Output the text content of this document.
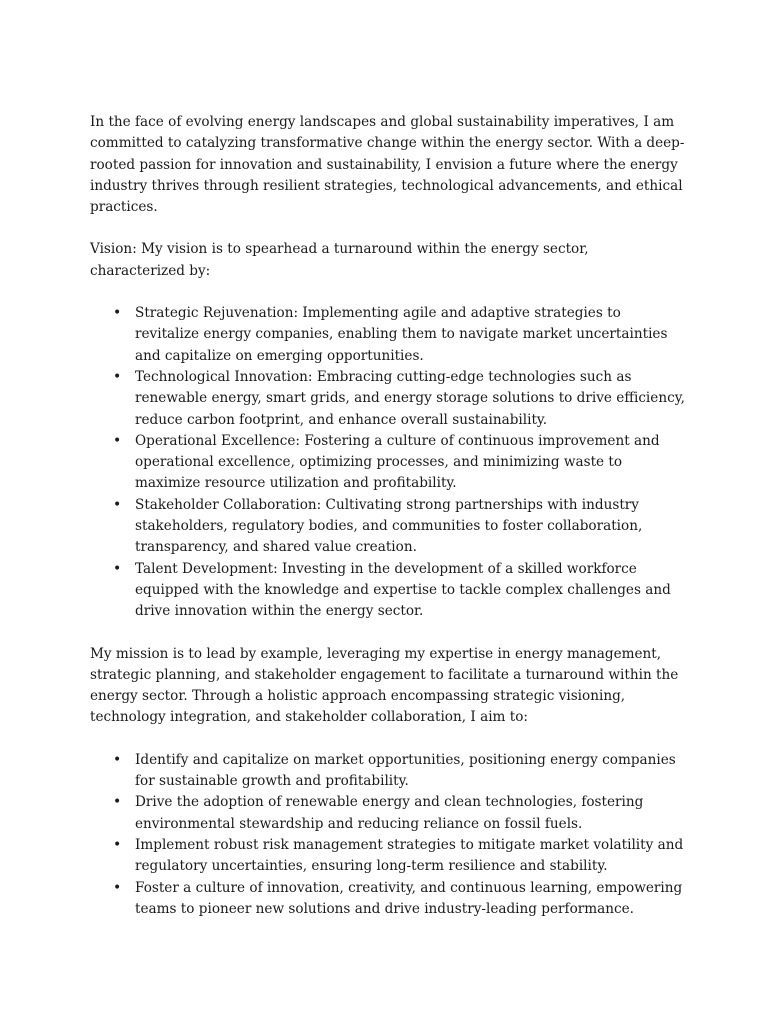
In the face of evolving energy landscapes and global sustainability imperatives, I am committed to catalyzing transformative change within the energy sector. With a deep-rooted passion for innovation and sustainability, I envision a future where the energy industry thrives through resilient strategies, technological advancements, and ethical practices.

Vision: My vision is to spearhead a turnaround within the energy sector, characterized by:

• Strategic Rejuvenation: Implementing agile and adaptive strategies to revitalize energy companies, enabling them to navigate market uncertainties and capitalize on emerging opportunities.
• Technological Innovation: Embracing cutting-edge technologies such as renewable energy, smart grids, and energy storage solutions to drive efficiency, reduce carbon footprint, and enhance overall sustainability.
• Operational Excellence: Fostering a culture of continuous improvement and operational excellence, optimizing processes, and minimizing waste to maximize resource utilization and profitability.
• Stakeholder Collaboration: Cultivating strong partnerships with industry stakeholders, regulatory bodies, and communities to foster collaboration, transparency, and shared value creation.
• Talent Development: Investing in the development of a skilled workforce equipped with the knowledge and expertise to tackle complex challenges and drive innovation within the energy sector.

My mission is to lead by example, leveraging my expertise in energy management, strategic planning, and stakeholder engagement to facilitate a turnaround within the energy sector. Through a holistic approach encompassing strategic visioning, technology integration, and stakeholder collaboration, I aim to:

• Identify and capitalize on market opportunities, positioning energy companies for sustainable growth and profitability.
• Drive the adoption of renewable energy and clean technologies, fostering environmental stewardship and reducing reliance on fossil fuels.
• Implement robust risk management strategies to mitigate market volatility and regulatory uncertainties, ensuring long-term resilience and stability.
• Foster a culture of innovation, creativity, and continuous learning, empowering teams to pioneer new solutions and drive industry-leading performance.
